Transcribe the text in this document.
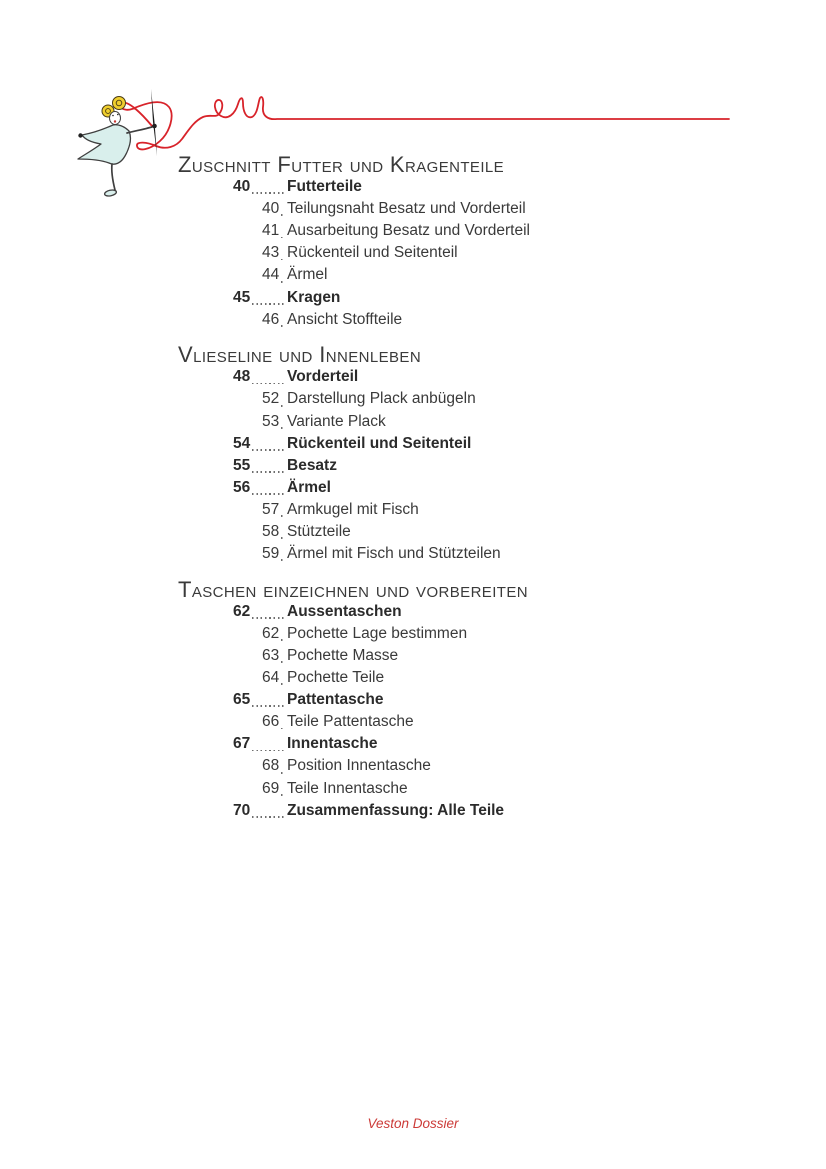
Zuschnitt Futter und Kragenteile
40 Futterteile
40 Teilungsnaht Besatz und Vorderteil
41 Ausarbeitung Besatz und Vorderteil
43 Rückenteil und Seitenteil
44 Ärmel
45 Kragen
46 Ansicht Stoffteile
Vlieseline und Innenleben
48 Vorderteil
52 Darstellung Plack anbügeln
53 Variante Plack
54 Rückenteil und Seitenteil
55 Besatz
56 Ärmel
57 Armkugel mit Fisch
58 Stützteile
59 Ärmel mit Fisch und Stützteilen
Taschen einzeichnen und vorbereiten
62 Aussentaschen
62 Pochette Lage bestimmen
63 Pochette Masse
64 Pochette Teile
65 Pattentasche
66 Teile Pattentasche
67 Innentasche
68 Position Innentasche
69 Teile Innentasche
70 Zusammenfassung: Alle Teile
Veston Dossier
